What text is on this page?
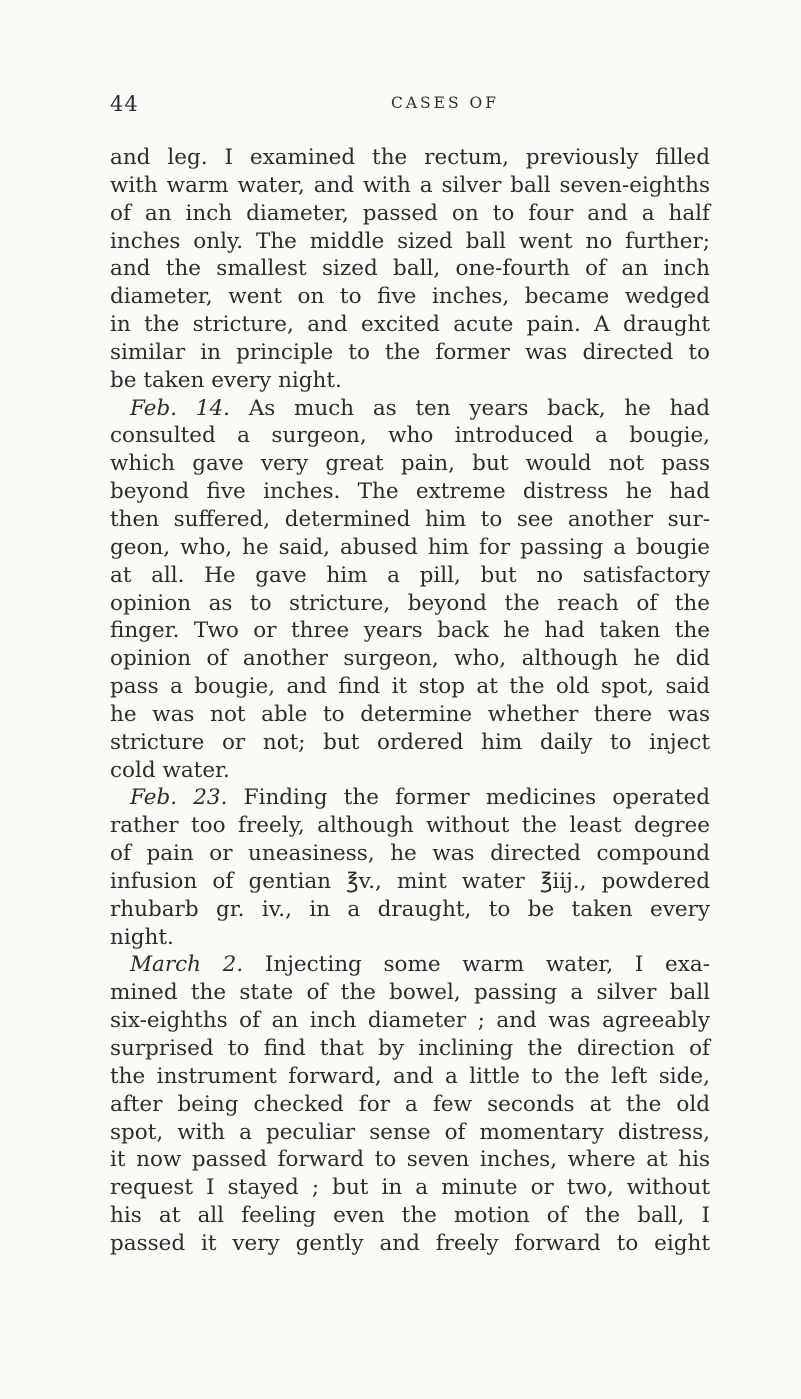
44	CASES OF
and leg. I examined the rectum, previously filled
with warm water, and with a silver ball seven-eighths
of an inch diameter, passed on to four and a half
inches only. The middle sized ball went no further;
and the smallest sized ball, one-fourth of an inch
diameter, went on to five inches, became wedged
in the stricture, and excited acute pain. A draught
similar in principle to the former was directed to
be taken every night.
Feb. 14. As much as ten years back, he had
consulted a surgeon, who introduced a bougie,
which gave very great pain, but would not pass
beyond five inches. The extreme distress he had
then suffered, determined him to see another sur-
geon, who, he said, abused him for passing a bougie
at all. He gave him a pill, but no satisfactory
opinion as to stricture, beyond the reach of the
finger. Two or three years back he had taken the
opinion of another surgeon, who, although he did
pass a bougie, and find it stop at the old spot, said
he was not able to determine whether there was
stricture or not; but ordered him daily to inject
cold water.
Feb. 23. Finding the former medicines operated
rather too freely, although without the least degree
of pain or uneasiness, he was directed compound
infusion of gentian ℥v., mint water ℥iij., powdered
rhubarb gr. iv., in a draught, to be taken every
night.
March 2. Injecting some warm water, I exa-
mined the state of the bowel, passing a silver ball
six-eighths of an inch diameter ; and was agreeably
surprised to find that by inclining the direction of
the instrument forward, and a little to the left side,
after being checked for a few seconds at the old
spot, with a peculiar sense of momentary distress,
it now passed forward to seven inches, where at his
request I stayed ; but in a minute or two, without
his at all feeling even the motion of the ball, I
passed it very gently and freely forward to eight
